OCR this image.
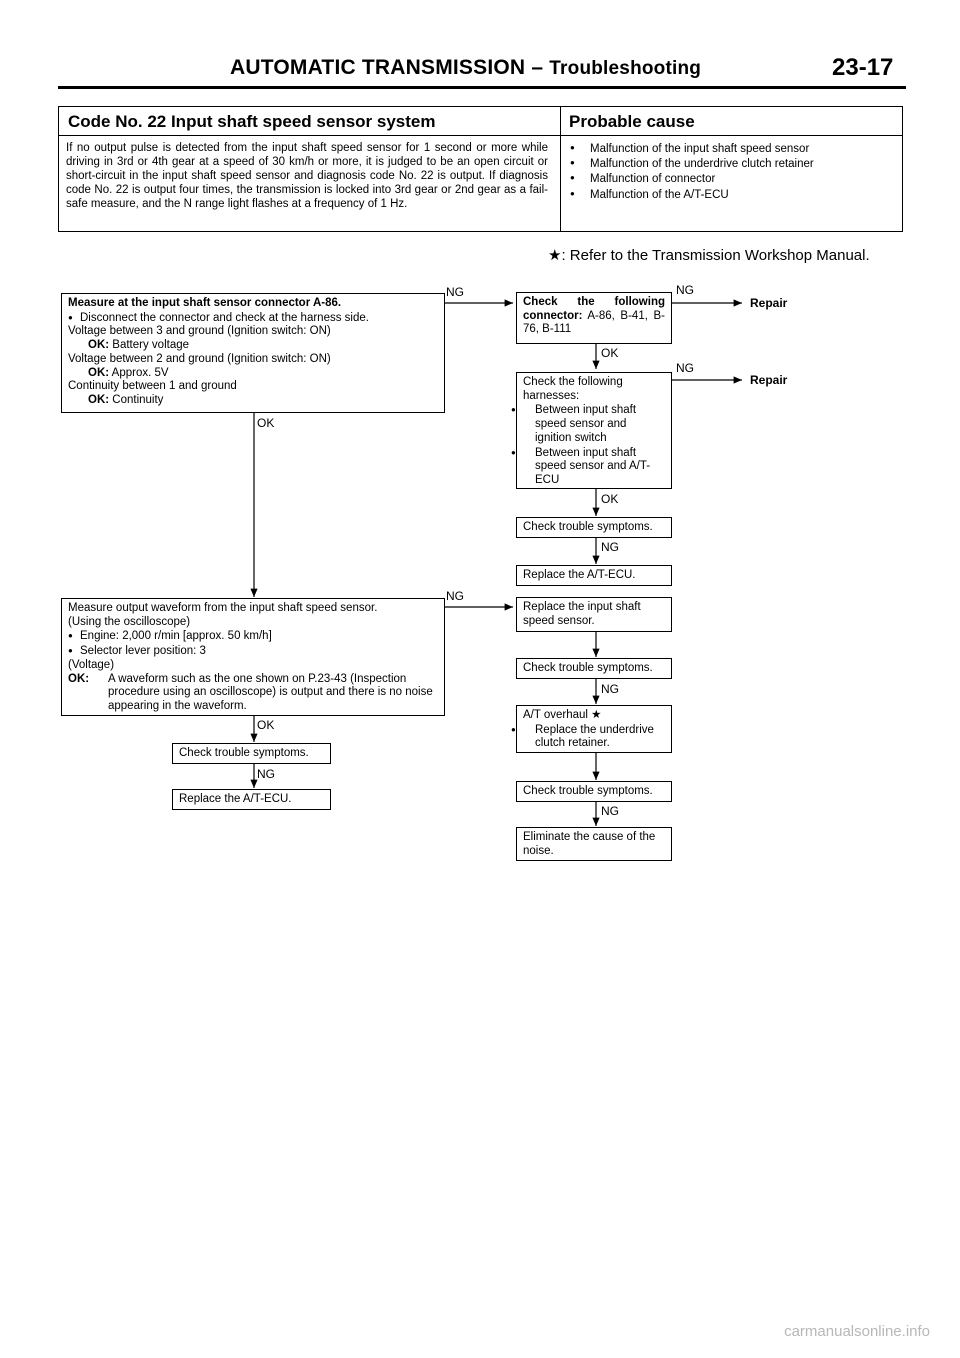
AUTOMATIC TRANSMISSION – Troubleshooting	23-17
Code No. 22 Input shaft speed sensor system	Probable cause
If no output pulse is detected from the input shaft speed sensor for 1 second or more while driving in 3rd or 4th gear at a speed of 30 km/h or more, it is judged to be an open circuit or short-circuit in the input shaft speed sensor and diagnosis code No. 22 is output. If diagnosis code No. 22 is output four times, the transmission is locked into 3rd gear or 2nd gear as a fail-safe measure, and the N range light flashes at a frequency of 1 Hz.
● Malfunction of the input shaft speed sensor
● Malfunction of the underdrive clutch retainer
● Malfunction of connector
● Malfunction of the A/T-ECU
★: Refer to the Transmission Workshop Manual.
NG	NG
Repair
OK
NG
Repair
OK
OK
NG
NG
NG
OK
NG
NG

Measure at the input shaft sensor connector A-86.

● Disconnect the connector and check at the harness side.

Voltage between 3 and ground (Ignition switch: ON)

OK: Battery voltage

Voltage between 2 and ground (Ignition switch: ON)

OK: Approx. 5V

Continuity between 1 and ground

OK: Continuity

Check the following connector: A-86, B-41, B-76, B-111

Check the following harnesses:

● Between input shaft speed sensor and ignition switch

● Between input shaft speed sensor and A/T-ECU

Check trouble symptoms.
Replace the A/T-ECU.

Measure output waveform from the input shaft speed sensor.

(Using the oscilloscope)

● Engine: 2,000 r/min [approx. 50 km/h]

● Selector lever position: 3

(Voltage)

OK: A waveform such as the one shown on P.23-43 (Inspection procedure using an oscilloscope) is output and there is no noise appearing in the waveform.

Replace the input shaft speed sensor.
Check trouble symptoms.

A/T overhaul ★

● Replace the underdrive clutch retainer.

Check trouble symptoms.
Eliminate the cause of the noise.
Check trouble symptoms.
Replace the A/T-ECU.
carmanualsonline.info
